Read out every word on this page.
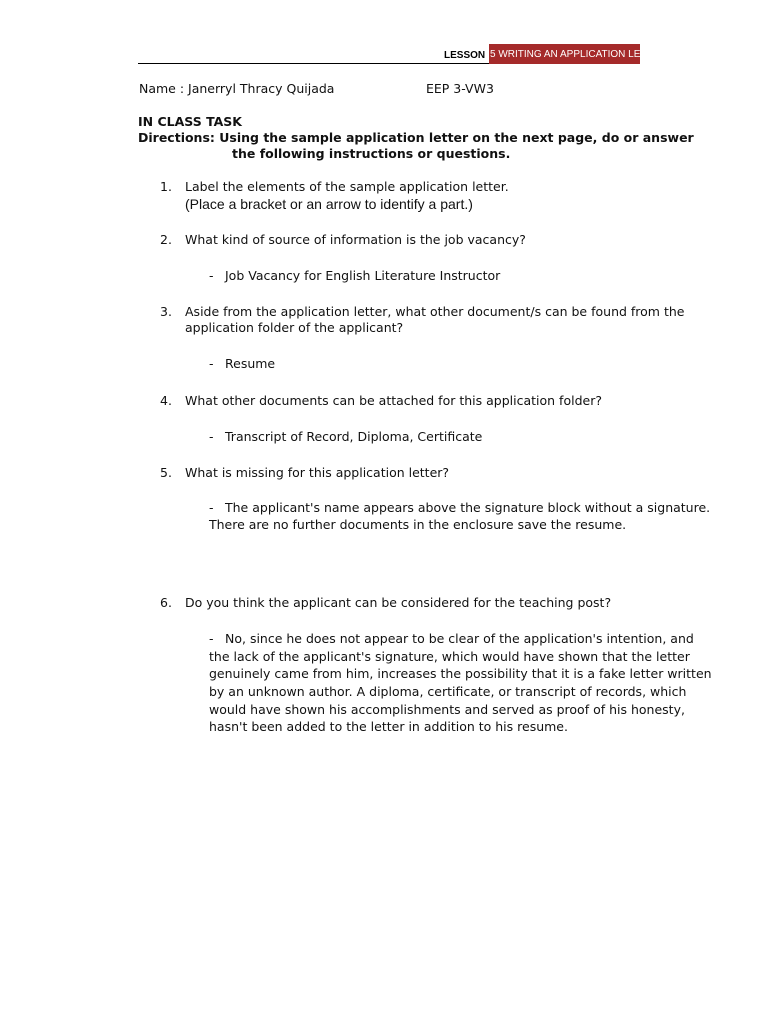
LESSON 5 WRITING AN APPLICATION LETTER
Name : Janerryl Thracy Quijada	EEP 3-VW3
IN CLASS TASK
Directions: Using the sample application letter on the next page, do or answer
the following instructions or questions.
1. Label the elements of the sample application letter.
(Place a bracket or an arrow to identify a part.)
2. What kind of source of information is the job vacancy?
- Job Vacancy for English Literature Instructor
3. Aside from the application letter, what other document/s can be found from the
application folder of the applicant?
- Resume
4. What other documents can be attached for this application folder?
- Transcript of Record, Diploma, Certificate
5. What is missing for this application letter?
- The applicant's name appears above the signature block without a signature.
There are no further documents in the enclosure save the resume.
6. Do you think the applicant can be considered for the teaching post?
- No, since he does not appear to be clear of the application's intention, and
the lack of the applicant's signature, which would have shown that the letter
genuinely came from him, increases the possibility that it is a fake letter written
by an unknown author. A diploma, certificate, or transcript of records, which
would have shown his accomplishments and served as proof of his honesty,
hasn't been added to the letter in addition to his resume.
